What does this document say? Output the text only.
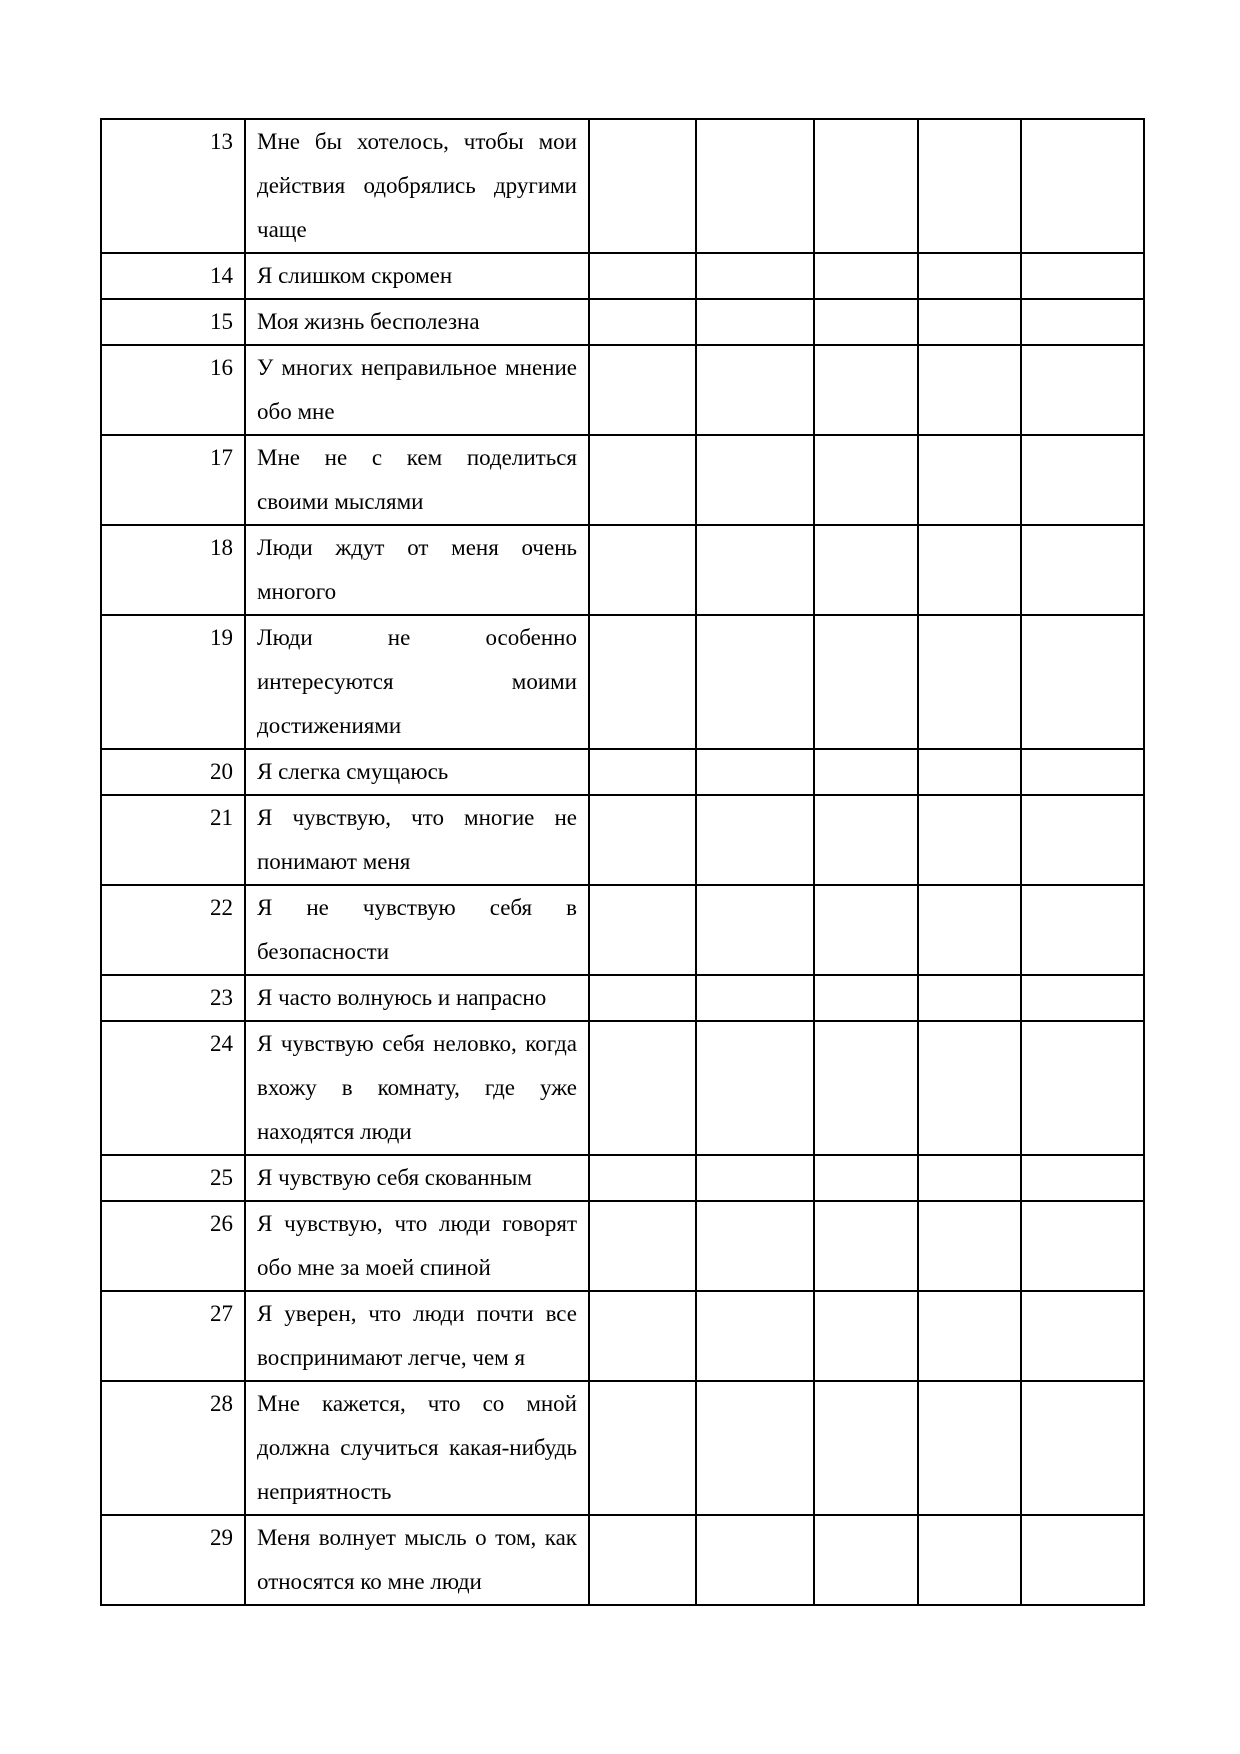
13	Мне бы хотелось, чтобы мои действия одобрялись другими чаще					
14	Я слишком скромен					
15	Моя жизнь бесполезна					
16	У многих неправильное мнение обо мне					
17	Мне не с кем поделиться своими мыслями					
18	Люди ждут от меня очень многого					
19	Люди не особенно интересуются моими достижениями					
20	Я слегка смущаюсь					
21	Я чувствую, что многие не понимают меня					
22	Я не чувствую себя в безопасности					
23	Я часто волнуюсь и напрасно					
24	Я чувствую себя неловко, когда вхожу в комнату, где уже находятся люди					
25	Я чувствую себя скованным					
26	Я чувствую, что люди говорят обо мне за моей спиной					
27	Я уверен, что люди почти все воспринимают легче, чем я					
28	Мне кажется, что со мной должна случиться какая-нибудь неприятность					
29	Меня волнует мысль о том, как относятся ко мне люди					
